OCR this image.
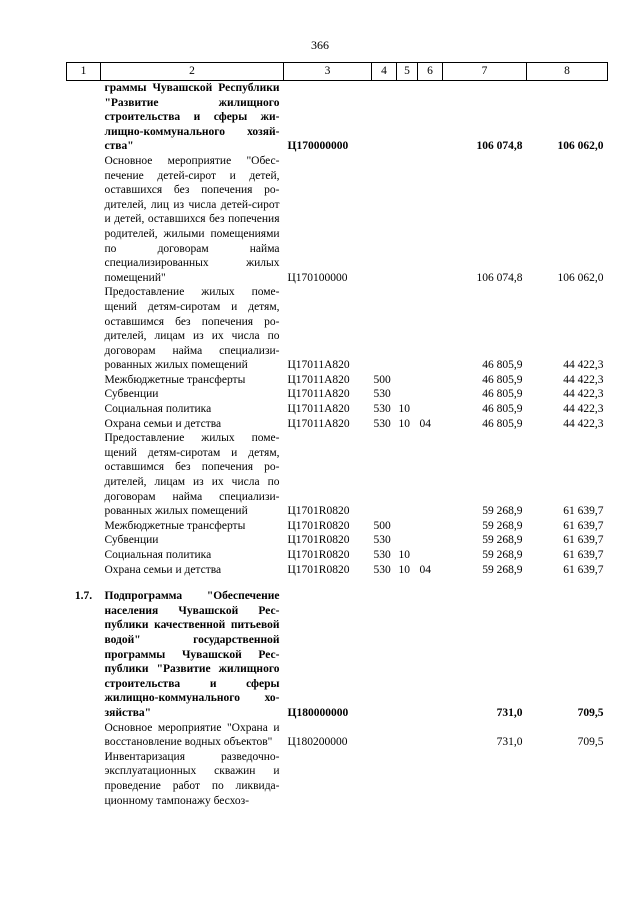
366
1	2	3	4	5	6	7	8
	граммы Чувашской Республики "Развитие жилищного строительства и сферы жилищно-коммунального хозяйства"	Ц170000000				106 074,8	106 062,0
	Основное мероприятие "Обеспечение детей-сирот и детей, оставшихся без попечения родителей, лиц из числа детей-сирот и детей, оставшихся без попечения родителей, жилыми помещениями по договорам найма специализированных жилых помещений"	Ц170100000				106 074,8	106 062,0
	Предоставление жилых помещений детям-сиротам и детям, оставшимся без попечения родителей, лицам из их числа по договорам найма специализированных жилых помещений	Ц17011А820				46 805,9	44 422,3
	Межбюджетные трансферты	Ц17011А820	500			46 805,9	44 422,3
	Субвенции	Ц17011А820	530			46 805,9	44 422,3
	Социальная политика	Ц17011А820	530	10		46 805,9	44 422,3
	Охрана семьи и детства	Ц17011А820	530	10	04	46 805,9	44 422,3
	Предоставление жилых помещений детям-сиротам и детям, оставшимся без попечения родителей, лицам из их числа по договорам найма специализированных жилых помещений	Ц1701R0820				59 268,9	61 639,7
	Межбюджетные трансферты	Ц1701R0820	500			59 268,9	61 639,7
	Субвенции	Ц1701R0820	530			59 268,9	61 639,7
	Социальная политика	Ц1701R0820	530	10		59 268,9	61 639,7
	Охрана семьи и детства	Ц1701R0820	530	10	04	59 268,9	61 639,7

1.7.	Подпрограмма "Обеспечение населения Чувашской Республики качественной питьевой водой" государственной программы Чувашской Республики "Развитие жилищного строительства и сферы жилищно-коммунального хозяйства"	Ц180000000				731,0	709,5
	Основное мероприятие "Охрана и восстановление водных объектов"	Ц180200000				731,0	709,5
	Инвентаризация разведочно-эксплуатационных скважин и проведение работ по ликвидационному тампонажу бесхоз-						
